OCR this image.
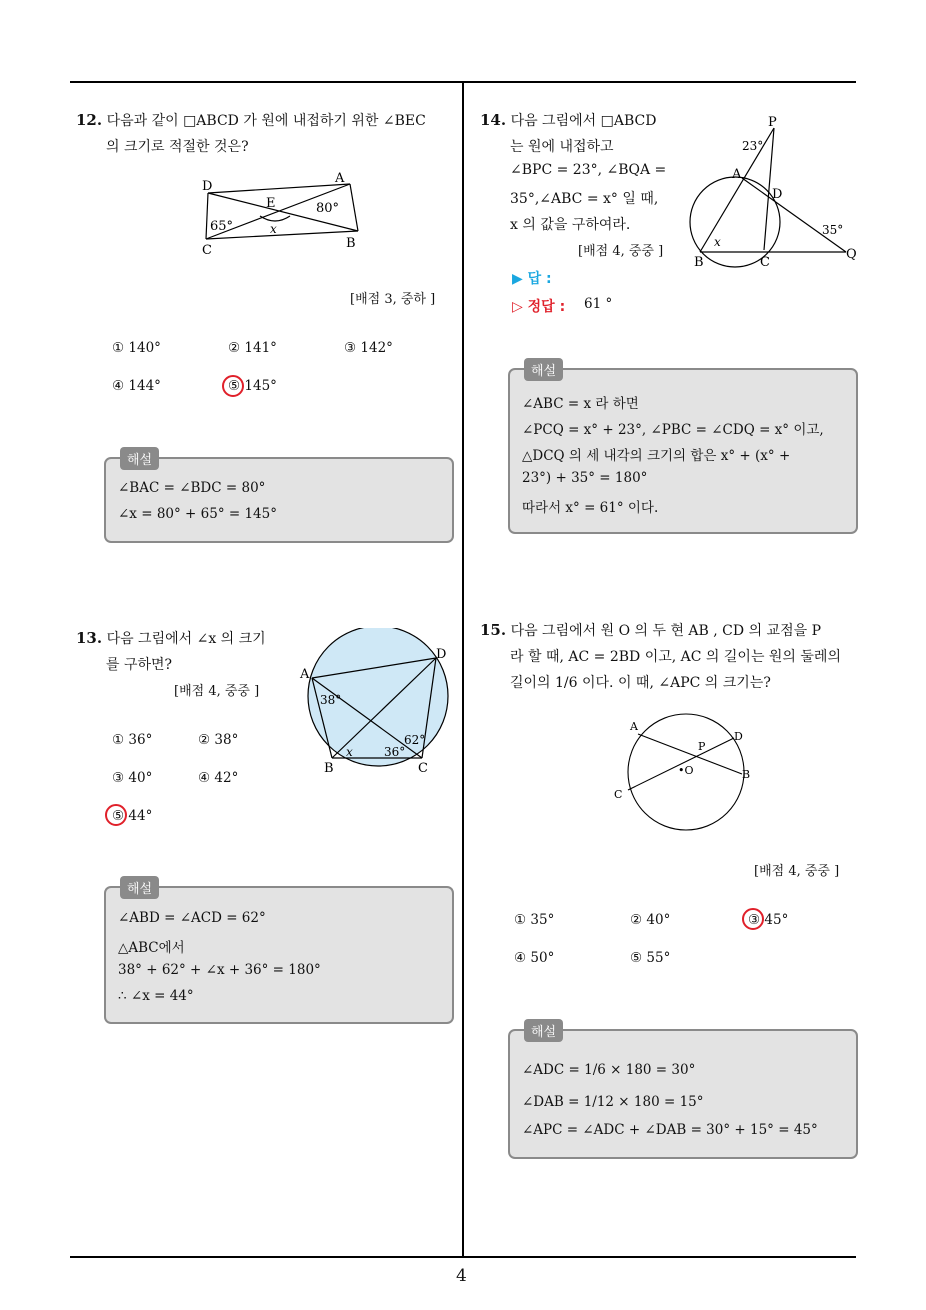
4
12. 다음과 같이 □ABCD 가 원에 내접하기 위한 ∠BEC
의 크기로 적절한 것은?
D
A
E	80°
65°	x
C	B
[배점 3, 중하 ]
① 140°	② 141°	③ 142°
④ 144°	⑤ 145°
해설
∠BAC = ∠BDC = 80°
∠x = 80° + 65° = 145°
13. 다음 그림에서 ∠x 의 크기
를 구하면?
[배점 4, 중중 ]
A
D
38°
62°
x	36°
B	C
① 36°	② 38°
③ 40°	④ 42°
⑤ 44°
해설
∠ABD = ∠ACD = 62°
△ABC에서
38° + 62° + ∠x + 36° = 180°
∴ ∠x = 44°
14. 다음 그림에서 □ABCD
는 원에 내접하고
∠BPC = 23°, ∠BQA =
35°,∠ABC = x° 일 때,
x 의 값을 구하여라.
[배점 4, 중중 ]
P
23°
A
D
35°
x
B	C
Q
▶ 답 :
▷ 정답 : 61 °
해설
∠ABC = x 라 하면
∠PCQ = x° + 23°, ∠PBC = ∠CDQ = x° 이고,
△DCQ 의 세 내각의 크기의 합은 x° + (x° +
23°) + 35° = 180°
따라서 x° = 61° 이다.
15. 다음 그림에서 원 O 의 두 현 AB , CD 의 교점을 P
라 할 때, AC = 2BD 이고, AC 의 길이는 원의 둘레의
길이의 1/6 이다. 이 때, ∠APC 의 크기는?
A
D
P
•O	B
C
[배점 4, 중중 ]
① 35°	② 40°	③ 45°
④ 50°	⑤ 55°
해설
∠ADC = 1/6 × 180 = 30°
∠DAB = 1/12 × 180 = 15°
∠APC = ∠ADC + ∠DAB = 30° + 15° = 45°
